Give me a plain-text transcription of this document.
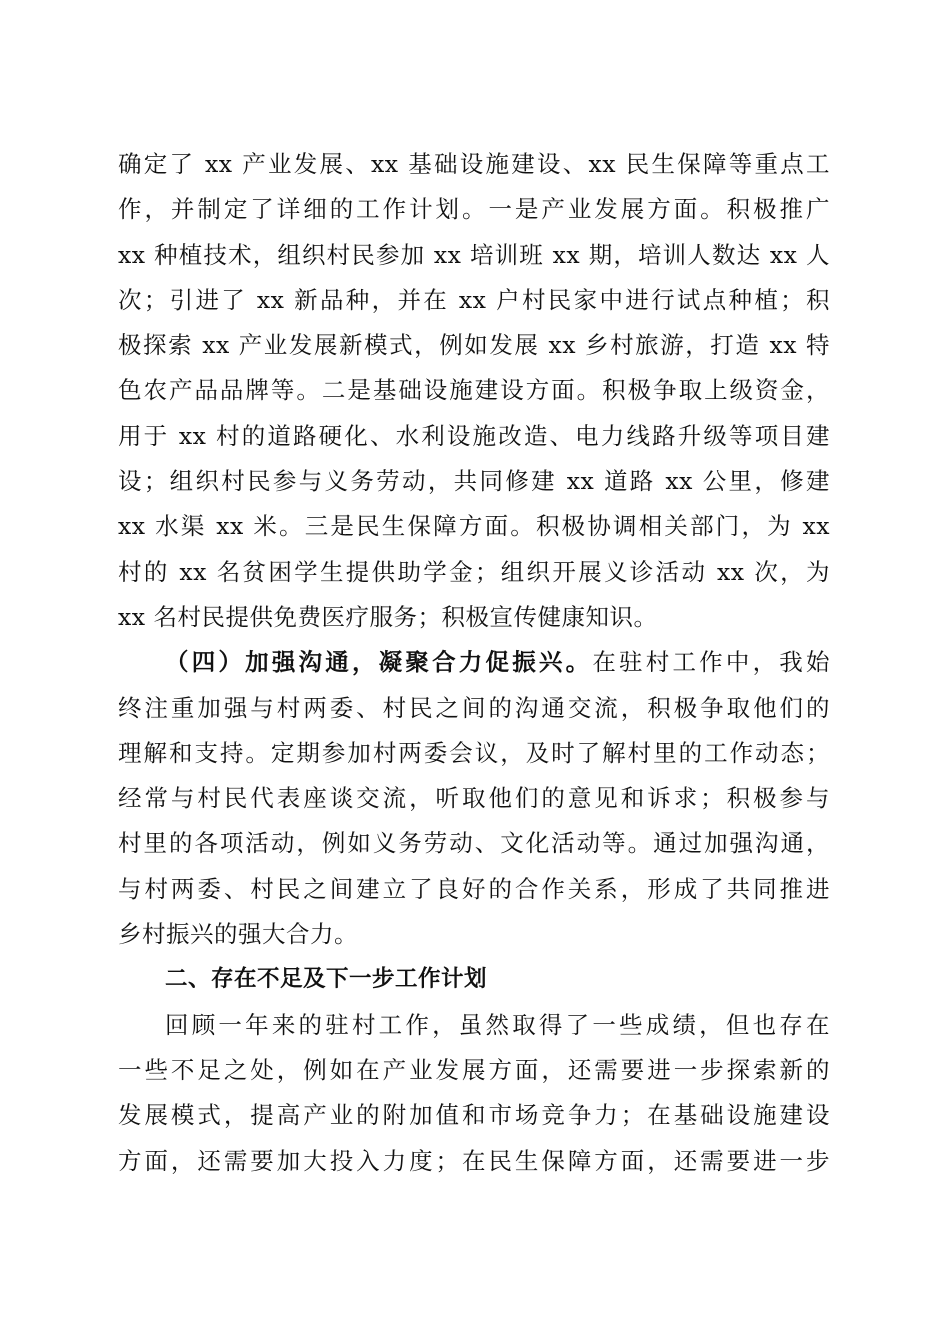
确定了 xx 产业发展、xx 基础设施建设、xx 民生保障等重点工
作，并制定了详细的工作计划。一是产业发展方面。积极推广
xx 种植技术，组织村民参加 xx 培训班 xx 期，培训人数达 xx 人
次；引进了 xx 新品种，并在 xx 户村民家中进行试点种植；积
极探索 xx 产业发展新模式，例如发展 xx 乡村旅游，打造 xx 特
色农产品品牌等。二是基础设施建设方面。积极争取上级资金，
用于 xx 村的道路硬化、水利设施改造、电力线路升级等项目建
设；组织村民参与义务劳动，共同修建 xx 道路 xx 公里，修建
xx 水渠 xx 米。三是民生保障方面。积极协调相关部门，为 xx
村的 xx 名贫困学生提供助学金；组织开展义诊活动 xx 次，为
xx 名村民提供免费医疗服务；积极宣传健康知识。
（四）加强沟通，凝聚合力促振兴。在驻村工作中，我始
终注重加强与村两委、村民之间的沟通交流，积极争取他们的
理解和支持。定期参加村两委会议，及时了解村里的工作动态；
经常与村民代表座谈交流，听取他们的意见和诉求；积极参与
村里的各项活动，例如义务劳动、文化活动等。通过加强沟通，
与村两委、村民之间建立了良好的合作关系，形成了共同推进
乡村振兴的强大合力。
二、存在不足及下一步工作计划
回顾一年来的驻村工作，虽然取得了一些成绩，但也存在
一些不足之处，例如在产业发展方面，还需要进一步探索新的
发展模式，提高产业的附加值和市场竞争力；在基础设施建设
方面，还需要加大投入力度；在民生保障方面，还需要进一步
